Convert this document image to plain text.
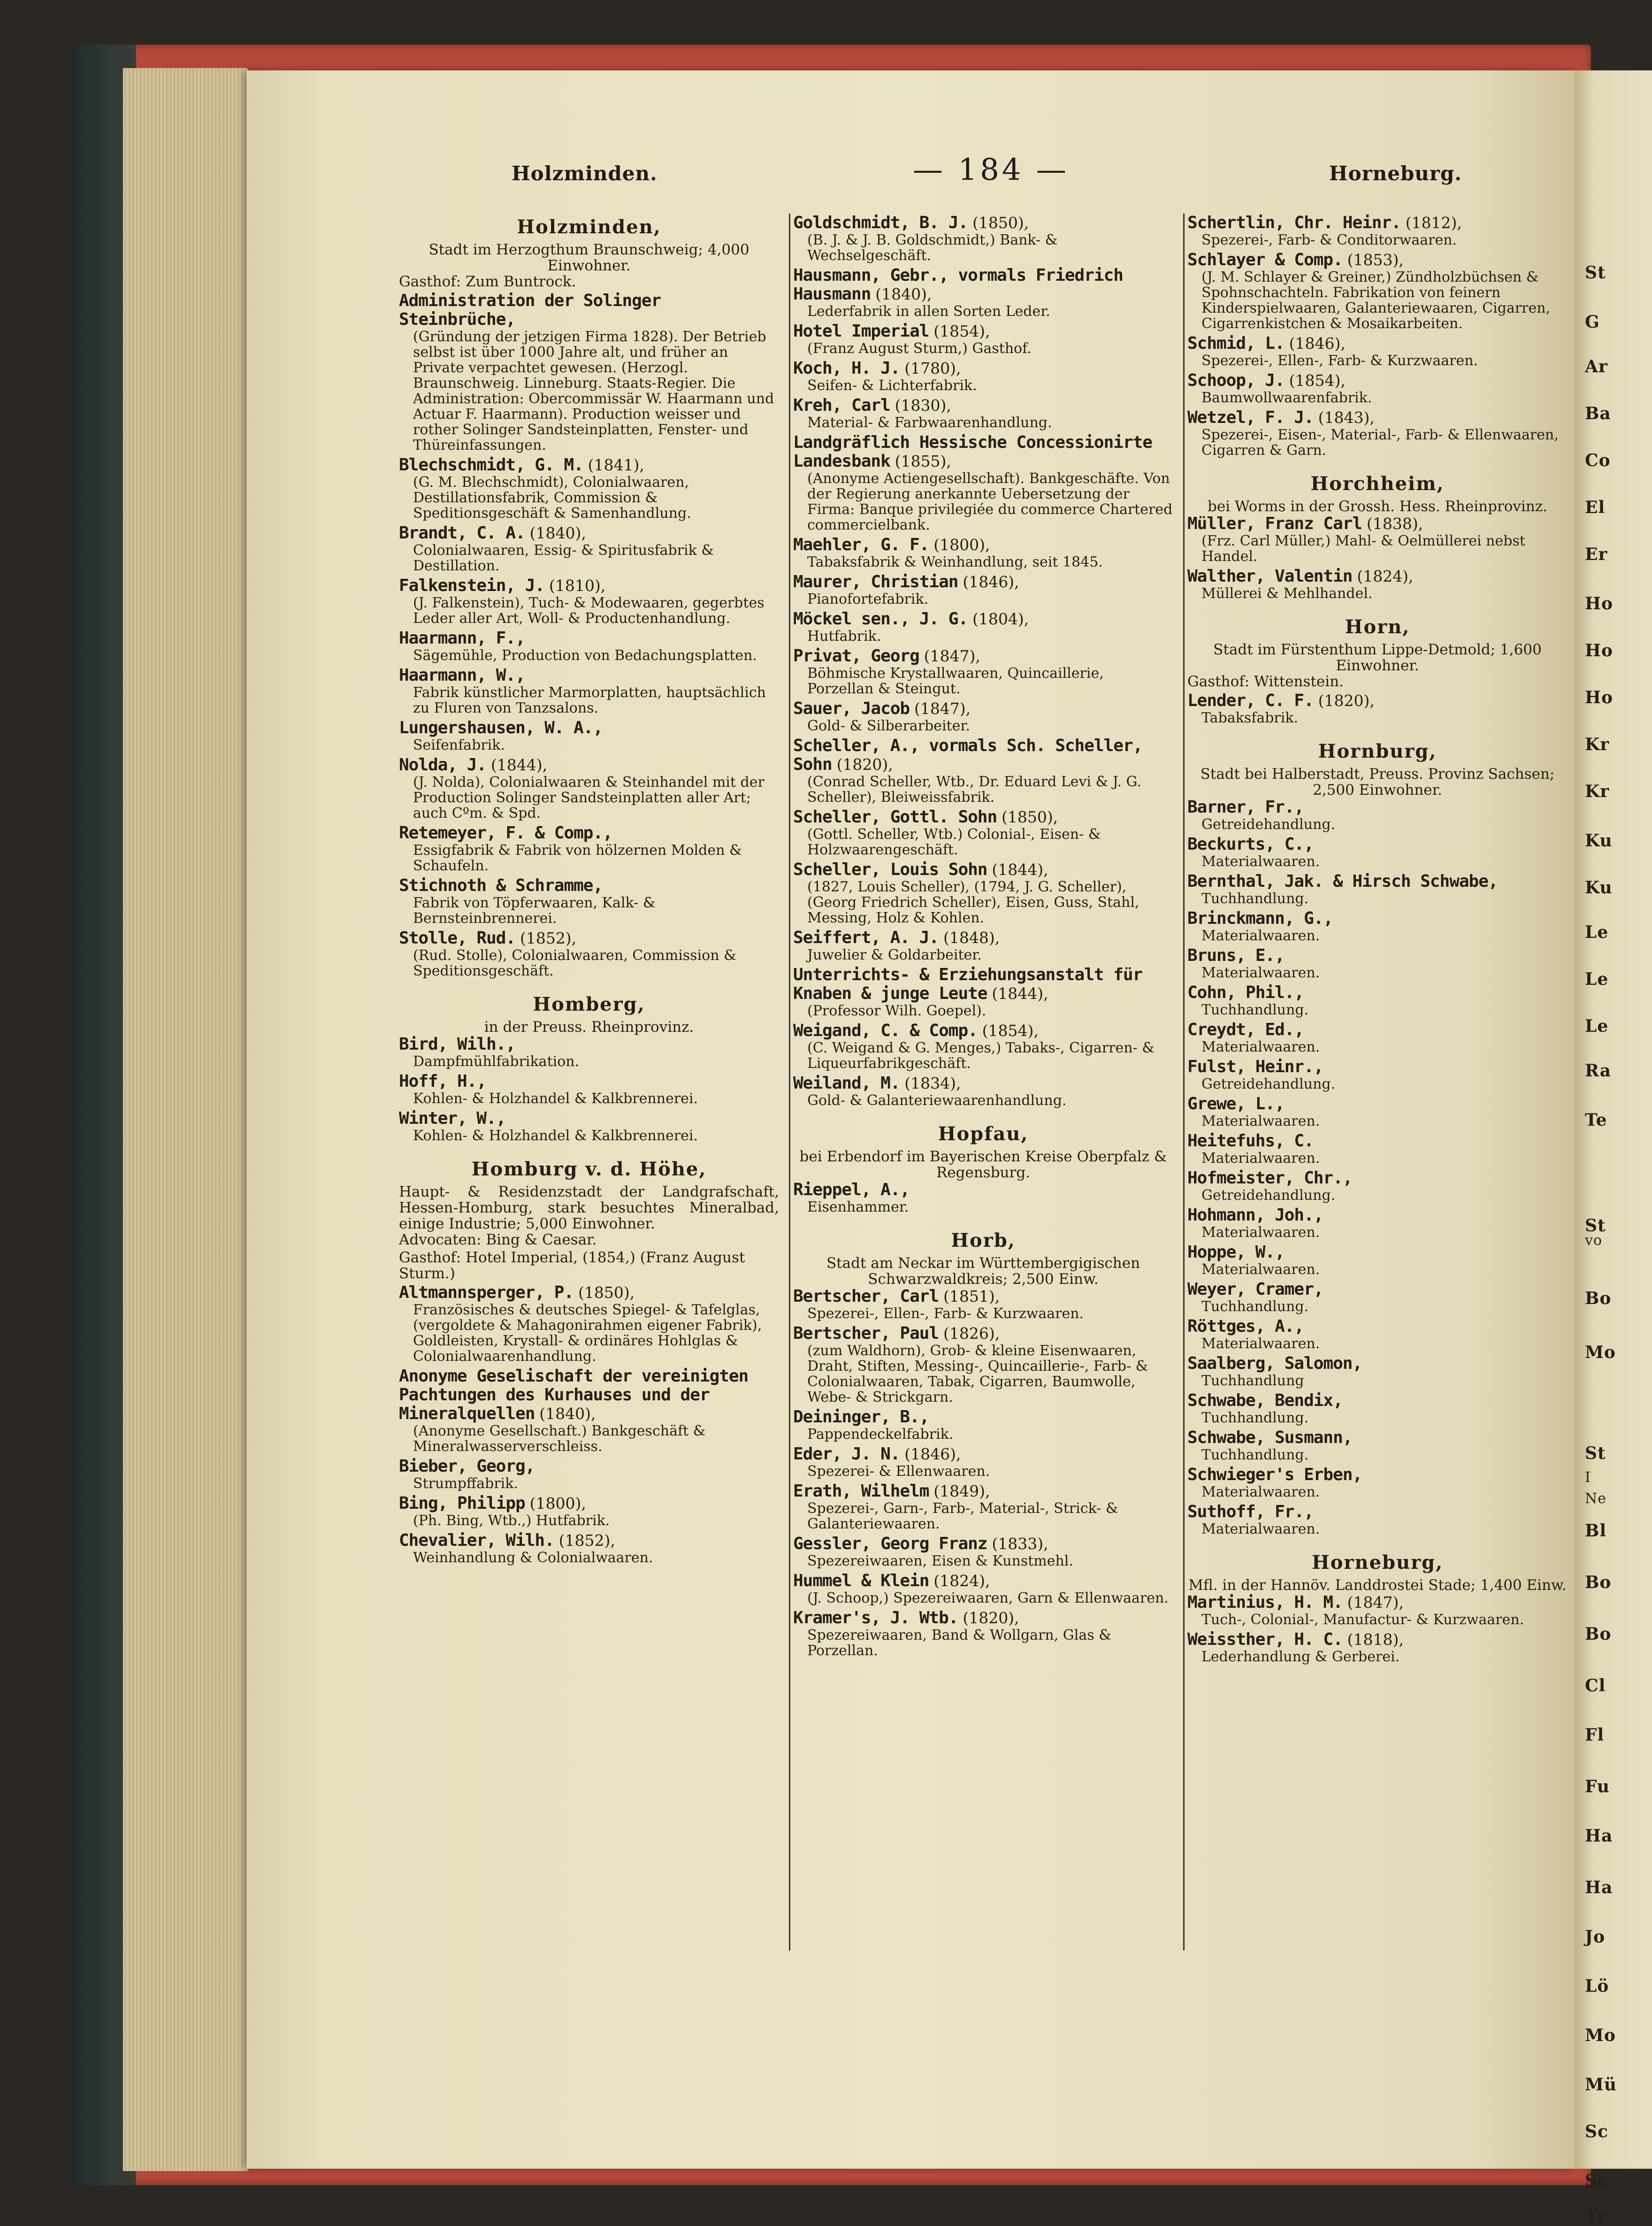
St
G
Ar
Ba
Co
El
Er
Ho
Ho
Ho
Kr
Kr
Ku
Ku
Le
Le
Le
Ra
Te
St
vo
Bo
Mo
St
I
Ne
Bl
Bo
Bo
Cl
Fl
Fu
Ha
Ha
Jo
Lö
Mo
Mü
Sc
Sc
Tr
Holzminden.	— 184 —	Horneburg.
Holzminden,
Stadt im Herzogthum Braunschweig; 4,000 Einwohner.
Gasthof: Zum Buntrock.
Administration der Solinger Steinbrüche,
(Gründung der jetzigen Firma 1828). Der Betrieb selbst ist über 1000 Jahre alt, und früher an Private verpachtet gewesen. (Herzogl. Braunschweig. Linneburg. Staats-Regier. Die Administration: Obercommissär W. Haarmann und Actuar F. Haarmann). Production weisser und rother Solinger Sandsteinplatten, Fenster- und Thüreinfassungen.
Blechschmidt, G. M. (1841),
(G. M. Blechschmidt), Colonialwaaren, Destillationsfabrik, Commission & Speditionsgeschäft & Samenhandlung.
Brandt, C. A. (1840),
Colonialwaaren, Essig- & Spiritusfabrik & Destillation.
Falkenstein, J. (1810),
(J. Falkenstein), Tuch- & Modewaaren, gegerbtes Leder aller Art, Woll- & Productenhandlung.
Haarmann, F.,
Sägemühle, Production von Bedachungsplatten.
Haarmann, W.,
Fabrik künstlicher Marmorplatten, hauptsächlich zu Fluren von Tanzsalons.
Lungershausen, W. A.,
Seifenfabrik.
Nolda, J. (1844),
(J. Nolda), Colonialwaaren & Steinhandel mit der Production Solinger Sandsteinplatten aller Art; auch Cºm. & Spd.
Retemeyer, F. & Comp.,
Essigfabrik & Fabrik von hölzernen Molden & Schaufeln.
Stichnoth & Schramme,
Fabrik von Töpferwaaren, Kalk- & Bernsteinbrennerei.
Stolle, Rud. (1852),
(Rud. Stolle), Colonialwaaren, Commission & Speditionsgeschäft.
Homberg,
in der Preuss. Rheinprovinz.
Bird, Wilh.,
Dampfmühlfabrikation.
Hoff, H.,
Kohlen- & Holzhandel & Kalkbrennerei.
Winter, W.,
Kohlen- & Holzhandel & Kalkbrennerei.
Homburg v. d. Höhe,
Haupt- & Residenzstadt der Landgrafschaft, Hessen-Homburg, stark besuchtes Mineralbad, einige Industrie; 5,000 Einwohner.
Advocaten: Bing & Caesar.
Gasthof: Hotel Imperial, (1854,) (Franz August Sturm.)
Altmannsperger, P. (1850),
Französisches & deutsches Spiegel- & Tafelglas, (vergoldete & Mahagonirahmen eigener Fabrik), Goldleisten, Krystall- & ordinäres Hohlglas & Colonialwaarenhandlung.
Anonyme Geselischaft der vereinigten Pachtungen des Kurhauses und der Mineralquellen (1840),
(Anonyme Gesellschaft.) Bankgeschäft & Mineralwasserverschleiss.
Bieber, Georg,
Strumpffabrik.
Bing, Philipp (1800),
(Ph. Bing, Wtb.,) Hutfabrik.
Chevalier, Wilh. (1852),
Weinhandlung & Colonialwaaren.
Goldschmidt, B. J. (1850),
(B. J. & J. B. Goldschmidt,) Bank- & Wechselgeschäft.
Hausmann, Gebr., vormals Friedrich Hausmann (1840),
Lederfabrik in allen Sorten Leder.
Hotel Imperial (1854),
(Franz August Sturm,) Gasthof.
Koch, H. J. (1780),
Seifen- & Lichterfabrik.
Kreh, Carl (1830),
Material- & Farbwaarenhandlung.
Landgräflich Hessische Concessionirte Landesbank (1855),
(Anonyme Actiengesellschaft). Bankgeschäfte. Von der Regierung anerkannte Uebersetzung der Firma: Banque privilegiée du commerce Chartered commercielbank.
Maehler, G. F. (1800),
Tabaksfabrik & Weinhandlung, seit 1845.
Maurer, Christian (1846),
Pianofortefabrik.
Möckel sen., J. G. (1804),
Hutfabrik.
Privat, Georg (1847),
Böhmische Krystallwaaren, Quincaillerie, Porzellan & Steingut.
Sauer, Jacob (1847),
Gold- & Silberarbeiter.
Scheller, A., vormals Sch. Scheller, Sohn (1820),
(Conrad Scheller, Wtb., Dr. Eduard Levi & J. G. Scheller), Bleiweissfabrik.
Scheller, Gottl. Sohn (1850),
(Gottl. Scheller, Wtb.) Colonial-, Eisen- & Holzwaarengeschäft.
Scheller, Louis Sohn (1844),
(1827, Louis Scheller), (1794, J. G. Scheller), (Georg Friedrich Scheller), Eisen, Guss, Stahl, Messing, Holz & Kohlen.
Seiffert, A. J. (1848),
Juwelier & Goldarbeiter.
Unterrichts- & Erziehungsanstalt für Knaben & junge Leute (1844),
(Professor Wilh. Goepel).
Weigand, C. & Comp. (1854),
(C. Weigand & G. Menges,) Tabaks-, Cigarren- & Liqueurfabrikgeschäft.
Weiland, M. (1834),
Gold- & Galanteriewaarenhandlung.
Hopfau,
bei Erbendorf im Bayerischen Kreise Oberpfalz & Regensburg.
Rieppel, A.,
Eisenhammer.
Horb,
Stadt am Neckar im Württembergigischen Schwarzwaldkreis; 2,500 Einw.
Bertscher, Carl (1851),
Spezerei-, Ellen-, Farb- & Kurzwaaren.
Bertscher, Paul (1826),
(zum Waldhorn), Grob- & kleine Eisenwaaren, Draht, Stiften, Messing-, Quincaillerie-, Farb- & Colonialwaaren, Tabak, Cigarren, Baumwolle, Webe- & Strickgarn.
Deininger, B.,
Pappendeckelfabrik.
Eder, J. N. (1846),
Spezerei- & Ellenwaaren.
Erath, Wilhelm (1849),
Spezerei-, Garn-, Farb-, Material-, Strick- & Galanteriewaaren.
Gessler, Georg Franz (1833),
Spezereiwaaren, Eisen & Kunstmehl.
Hummel & Klein (1824),
(J. Schoop,) Spezereiwaaren, Garn & Ellenwaaren.
Kramer's, J. Wtb. (1820),
Spezereiwaaren, Band & Wollgarn, Glas & Porzellan.
Schertlin, Chr. Heinr. (1812),
Spezerei-, Farb- & Conditorwaaren.
Schlayer & Comp. (1853),
(J. M. Schlayer & Greiner,) Zündholzbüchsen & Spohnschachteln. Fabrikation von feinern Kinderspielwaaren, Galanteriewaaren, Cigarren, Cigarrenkistchen & Mosaikarbeiten.
Schmid, L. (1846),
Spezerei-, Ellen-, Farb- & Kurzwaaren.
Schoop, J. (1854),
Baumwollwaarenfabrik.
Wetzel, F. J. (1843),
Spezerei-, Eisen-, Material-, Farb- & Ellenwaaren, Cigarren & Garn.
Horchheim,
bei Worms in der Grossh. Hess. Rheinprovinz.
Müller, Franz Carl (1838),
(Frz. Carl Müller,) Mahl- & Oelmüllerei nebst Handel.
Walther, Valentin (1824),
Müllerei & Mehlhandel.
Horn,
Stadt im Fürstenthum Lippe-Detmold; 1,600 Einwohner.
Gasthof: Wittenstein.
Lender, C. F. (1820),
Tabaksfabrik.
Hornburg,
Stadt bei Halberstadt, Preuss. Provinz Sachsen; 2,500 Einwohner.
Barner, Fr.,
Getreidehandlung.
Beckurts, C.,
Materialwaaren.
Bernthal, Jak. & Hirsch Schwabe,
Tuchhandlung.
Brinckmann, G.,
Materialwaaren.
Bruns, E.,
Materialwaaren.
Cohn, Phil.,
Tuchhandlung.
Creydt, Ed.,
Materialwaaren.
Fulst, Heinr.,
Getreidehandlung.
Grewe, L.,
Materialwaaren.
Heitefuhs, C.
Materialwaaren.
Hofmeister, Chr.,
Getreidehandlung.
Hohmann, Joh.,
Materialwaaren.
Hoppe, W.,
Materialwaaren.
Weyer, Cramer,
Tuchhandlung.
Röttges, A.,
Materialwaaren.
Saalberg, Salomon,
Tuchhandlung
Schwabe, Bendix,
Tuchhandlung.
Schwabe, Susmann,
Tuchhandlung.
Schwieger's Erben,
Materialwaaren.
Suthoff, Fr.,
Materialwaaren.
Horneburg,
Mfl. in der Hannöv. Landdrostei Stade; 1,400 Einw.
Martinius, H. M. (1847),
Tuch-, Colonial-, Manufactur- & Kurzwaaren.
Weissther, H. C. (1818),
Lederhandlung & Gerberei.
